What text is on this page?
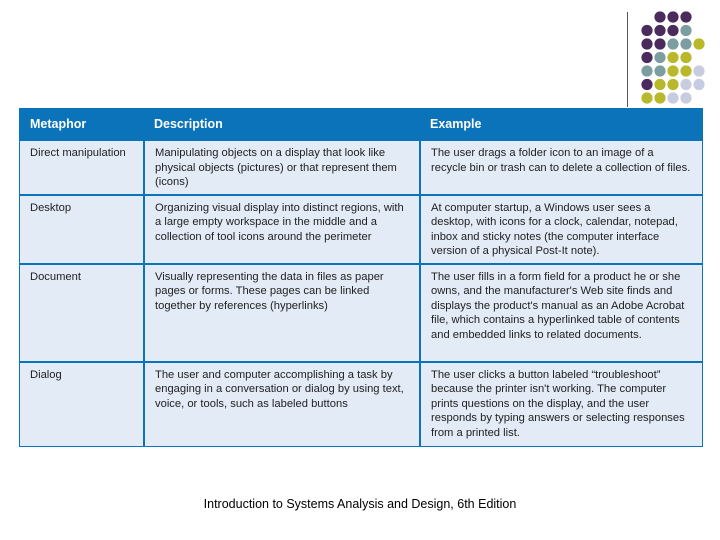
Metaphor	Description	Example
Direct manipulation	Manipulating objects on a display that look like physical objects (pictures) or that represent them (icons)	The user drags a folder icon to an image of a recycle bin or trash can to delete a collection of files.
Desktop	Organizing visual display into distinct regions, with a large empty workspace in the middle and a collection of tool icons around the perimeter	At computer startup, a Windows user sees a desktop, with icons for a clock, calendar, notepad, inbox and sticky notes (the computer interface version of a physical Post-It note).
Document	Visually representing the data in files as paper pages or forms. These pages can be linked together by references (hyperlinks)	The user fills in a form field for a product he or she owns, and the manufacturer's Web site finds and displays the product's manual as an Adobe Acrobat file, which contains a hyperlinked table of contents and embedded links to related documents.
Dialog	The user and computer accomplishing a task by engaging in a conversation or dialog by using text, voice, or tools, such as labeled buttons	The user clicks a button labeled “troubleshoot” because the printer isn't working. The computer prints questions on the display, and the user responds by typing answers or selecting responses from a printed list.
Introduction to Systems Analysis and Design, 6th Edition
